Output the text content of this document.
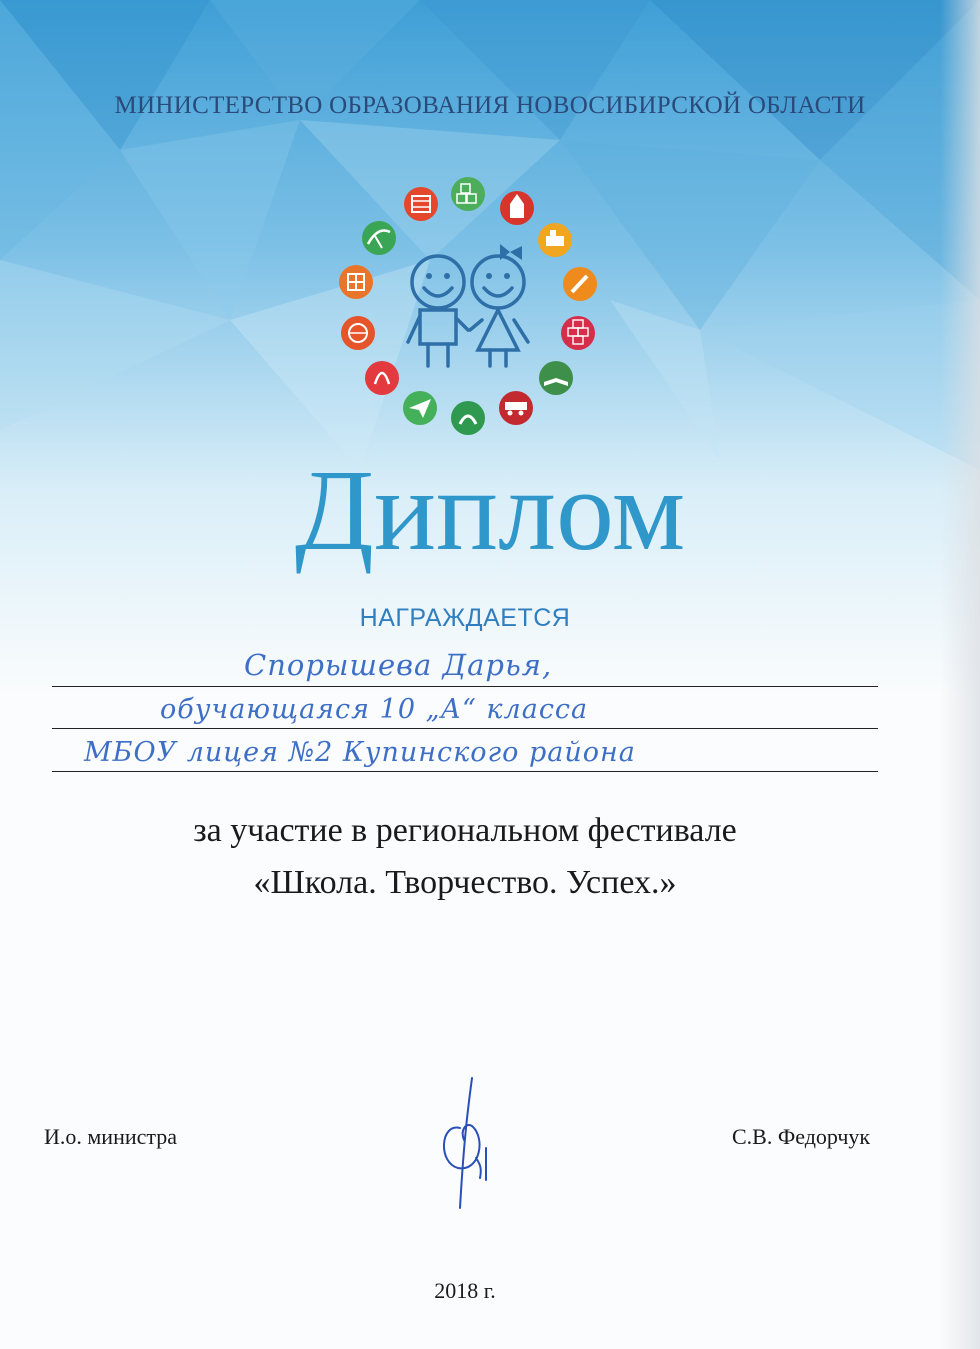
МИНИСТЕРСТВО ОБРАЗОВАНИЯ НОВОСИБИРСКОЙ ОБЛАСТИ
Диплом
НАГРАЖДАЕТСЯ
Спорышева Дарья,
обучающаяся 10 „А“ класса
МБОУ лицея №2 Купинского района
за участие в региональном фестивале
«Школа. Творчество. Успех.»
И.о. министра	С.В. Федорчук
2018 г.
